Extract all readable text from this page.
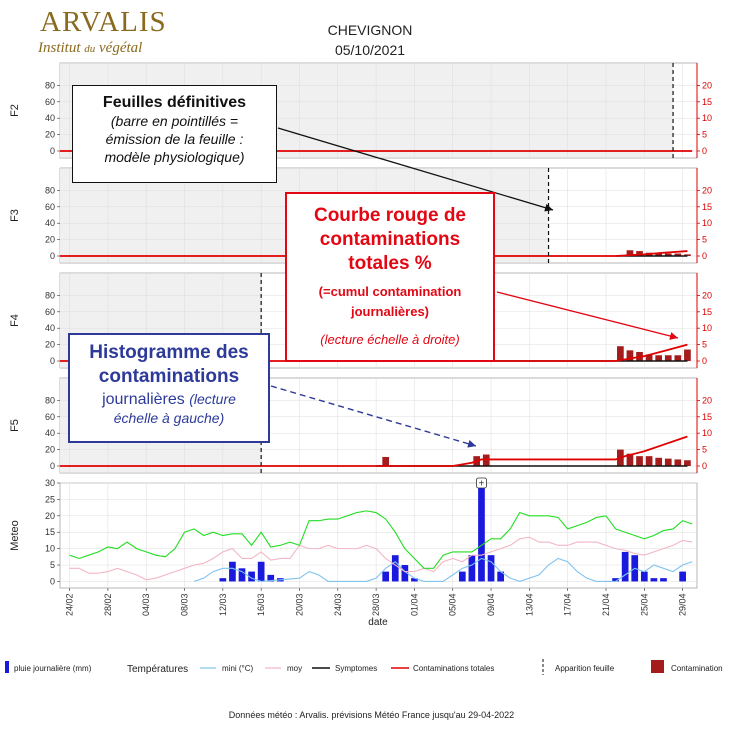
0
20
40
60
80
0
5
10
15
20
F2
0
20
40
60
80
0
5
10
15
20
F3
0
20
40
60
80
0
5
10
15
20
F4
0
20
40
60
80
0
5
10
15
20
F5
0
5
10
15
20
25
30
Meteo
+
24/02	28/02	04/03	08/03	12/03	16/03	20/03	24/03	28/03	01/04	05/04	09/04	13/04	17/04	21/04	25/04	29/04
date
pluie journalière (mm)	Températures	mini (°C)	moy	Symptomes	Contaminations totales	Apparition feuille	Contamination
ARVALIS
Institut du végétal
CHEVIGNON
05/10/2021
Feuilles définitives
(barre en pointillés =
émission de la feuille :
modèle physiologique)
Courbe rouge de
contaminations
totales %
(=cumul contamination
journalières)
(lecture échelle à droite)
Histogramme des
contaminations
journalières (lecture
échelle à gauche)
Données météo : Arvalis. prévisions Météo France jusqu'au 29-04-2022
